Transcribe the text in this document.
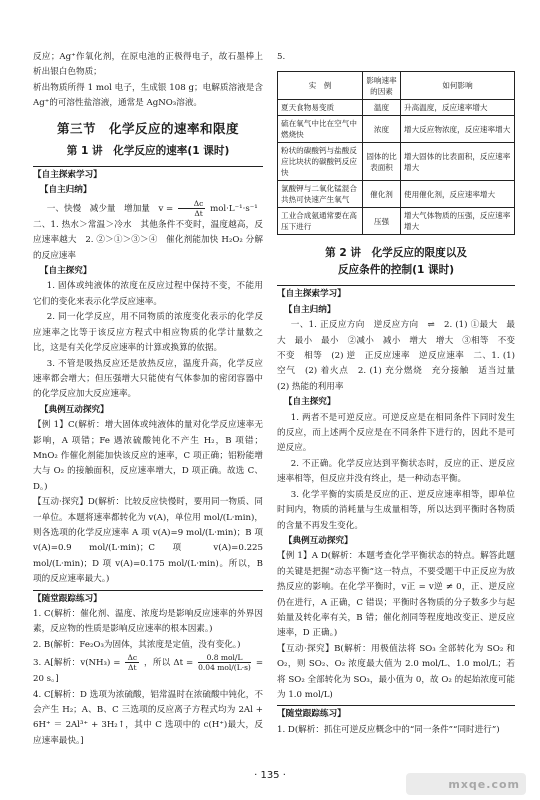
反应；Ag⁺作氧化剂，在原电池的正极得电子，故石墨棒上析出银白色物质；

析出物质所得 1 mol 电子，生成银 108 g；电解质溶液是含 Ag⁺的可溶性盐溶液，通常是 AgNO₃溶液。

第三节　化学反应的速率和限度
第 1 讲　化学反应的速率(1 课时)
【自主探索学习】
【自主归纳】

一、快慢　减少量　增加量　$v = \frac{\Delta c}{\Delta t} mol\cdot L^{-1}\cdot s^{-1}$

二、1. 热水＞常温＞冷水　其他条件不变时，温度越高，反应速率越大　2. ②＞①＞③＞④　催化剂能加快 H₂O₂ 分解的反应速率

【自主探究】

1. 固体或纯液体的浓度在反应过程中保持不变，不能用它们的变化来表示化学反应速率。

2. 同一化学反应，用不同物质的浓度变化表示的化学反应速率之比等于该反应方程式中相应物质的化学计量数之比，这是有关化学反应速率的计算或换算的依据。

3. 不管是吸热反应还是放热反应，温度升高，化学反应速率都会增大；但压强增大只能使有气体参加的密闭容器中的化学反应加大反应速率。

【典例互动探究】

【例 1】C(解析：增大固体或纯液体的量对化学反应速率无影响，A 项错；Fe 遇浓硫酸钝化不产生 H₂，B 项错；MnO₂ 作催化剂能加快该反应的速率，C 项正确；铝粉能增大与 O₂ 的接触面积，反应速率增大，D 项正确。故选 C、D。)

【互动·探究】D(解析：比较反应快慢时，要用同一物质、同一单位。本题将速率都转化为 v(A)，单位用 mol/(L·min)，则各选项的化学反应速率 A 项 v(A)=9 mol/(L·min)；B 项 v(A)=0.9 mol/(L·min)；C 项 v(A)=0.225 mol/(L·min)；D 项 v(A)=0.175 mol/(L·min)。所以，B 项的反应速率最大。)

【随堂跟踪练习】

1. C(解析：催化剂、温度、浓度均是影响反应速率的外界因素，反应物的性质是影响反应速率的根本因素。)

2. B(解析：Fe₂O₃为固体，其浓度是定值，没有变化。)

3. A[解析：$v(NH_3) = \frac{\Delta c}{\Delta t}$ ，所以 $\Delta t = \frac{\text{0.8 mol/L}}{\text{0.04 mol/(L·s)}} = 20$ s。]

4. C[解析：D 选项为浓硫酸，铝常温时在浓硫酸中钝化，不会产生 H₂；A、B、C 三选项的反应离子方程式均为 2Al + 6H⁺ ＝ 2Al³⁺ + 3H₂↑，其中 C 选项中的 c(H⁺)最大，反应速率最快。]

5.
实　例	影响速率的因素	如何影响
夏天食物易变质	温度	升高温度，反应速率增大
硫在氧气中比在空气中燃烧快	浓度	增大反应物浓度，反应速率增大
粉状的碳酸钙与盐酸反应比块状的碳酸钙反应快	固体的比表面积	增大固体的比表面积，反应速率增大
氯酸钾与二氧化锰混合共热可快速产生氧气	催化剂	使用催化剂，反应速率增大
工业合成氨通常要在高压下进行	压强	增大气体物质的压强，反应速率增大
第 2 讲　化学反应的限度以及
反应条件的控制(1 课时)
【自主探索学习】
【自主归纳】

一、1. 正反应方向　逆反应方向　⇌　2. (1) ①最大　最大　最小　最小　②减小　减小　增大　增大　③相等　不变　不变　相等　(2) 逆　正反应速率　逆反应速率　二、1. (1) 空气　(2) 着火点　2. (1) 充分燃烧　充分接触　适当过量　(2) 热能的利用率

【自主探究】

1. 两者不是可逆反应。可逆反应是在相同条件下同时发生的反应，而上述两个反应是在不同条件下进行的，因此不是可逆反应。

2. 不正确。化学反应达到平衡状态时，反应的正、逆反应速率相等，但反应并没有终止，是一种动态平衡。

3. 化学平衡的实质是反应的正、逆反应速率相等，即单位时间内，物质的消耗量与生成量相等，所以达到平衡时各物质的含量不再发生变化。

【典例互动探究】

【例 1】A D(解析：本题考查化学平衡状态的特点。解答此题的关键是把握“动态平衡”这一特点，不要受题干中正反应为放热反应的影响。在化学平衡时，v正 = v逆 ≠ 0，正、逆反应仍在进行，A 正确，C 错误；平衡时各物质的分子数多少与起始量及转化率有关，B 错；催化剂同等程度地改变正、逆反应速率，D 正确。)

【互动·探究】B(解析：用极值法将 SO₃ 全部转化为 SO₂ 和 O₂，则 SO₂、O₂ 浓度最大值为 2.0 mol/L、1.0 mol/L；若将 SO₂ 全部转化为 SO₃，最小值为 0，故 O₂ 的起始浓度可能为 1.0 mol/L)

【随堂跟踪练习】

1. D(解析：抓住可逆反应概念中的“同一条件”“同时进行”)

· 135 ·
mxqe.com
